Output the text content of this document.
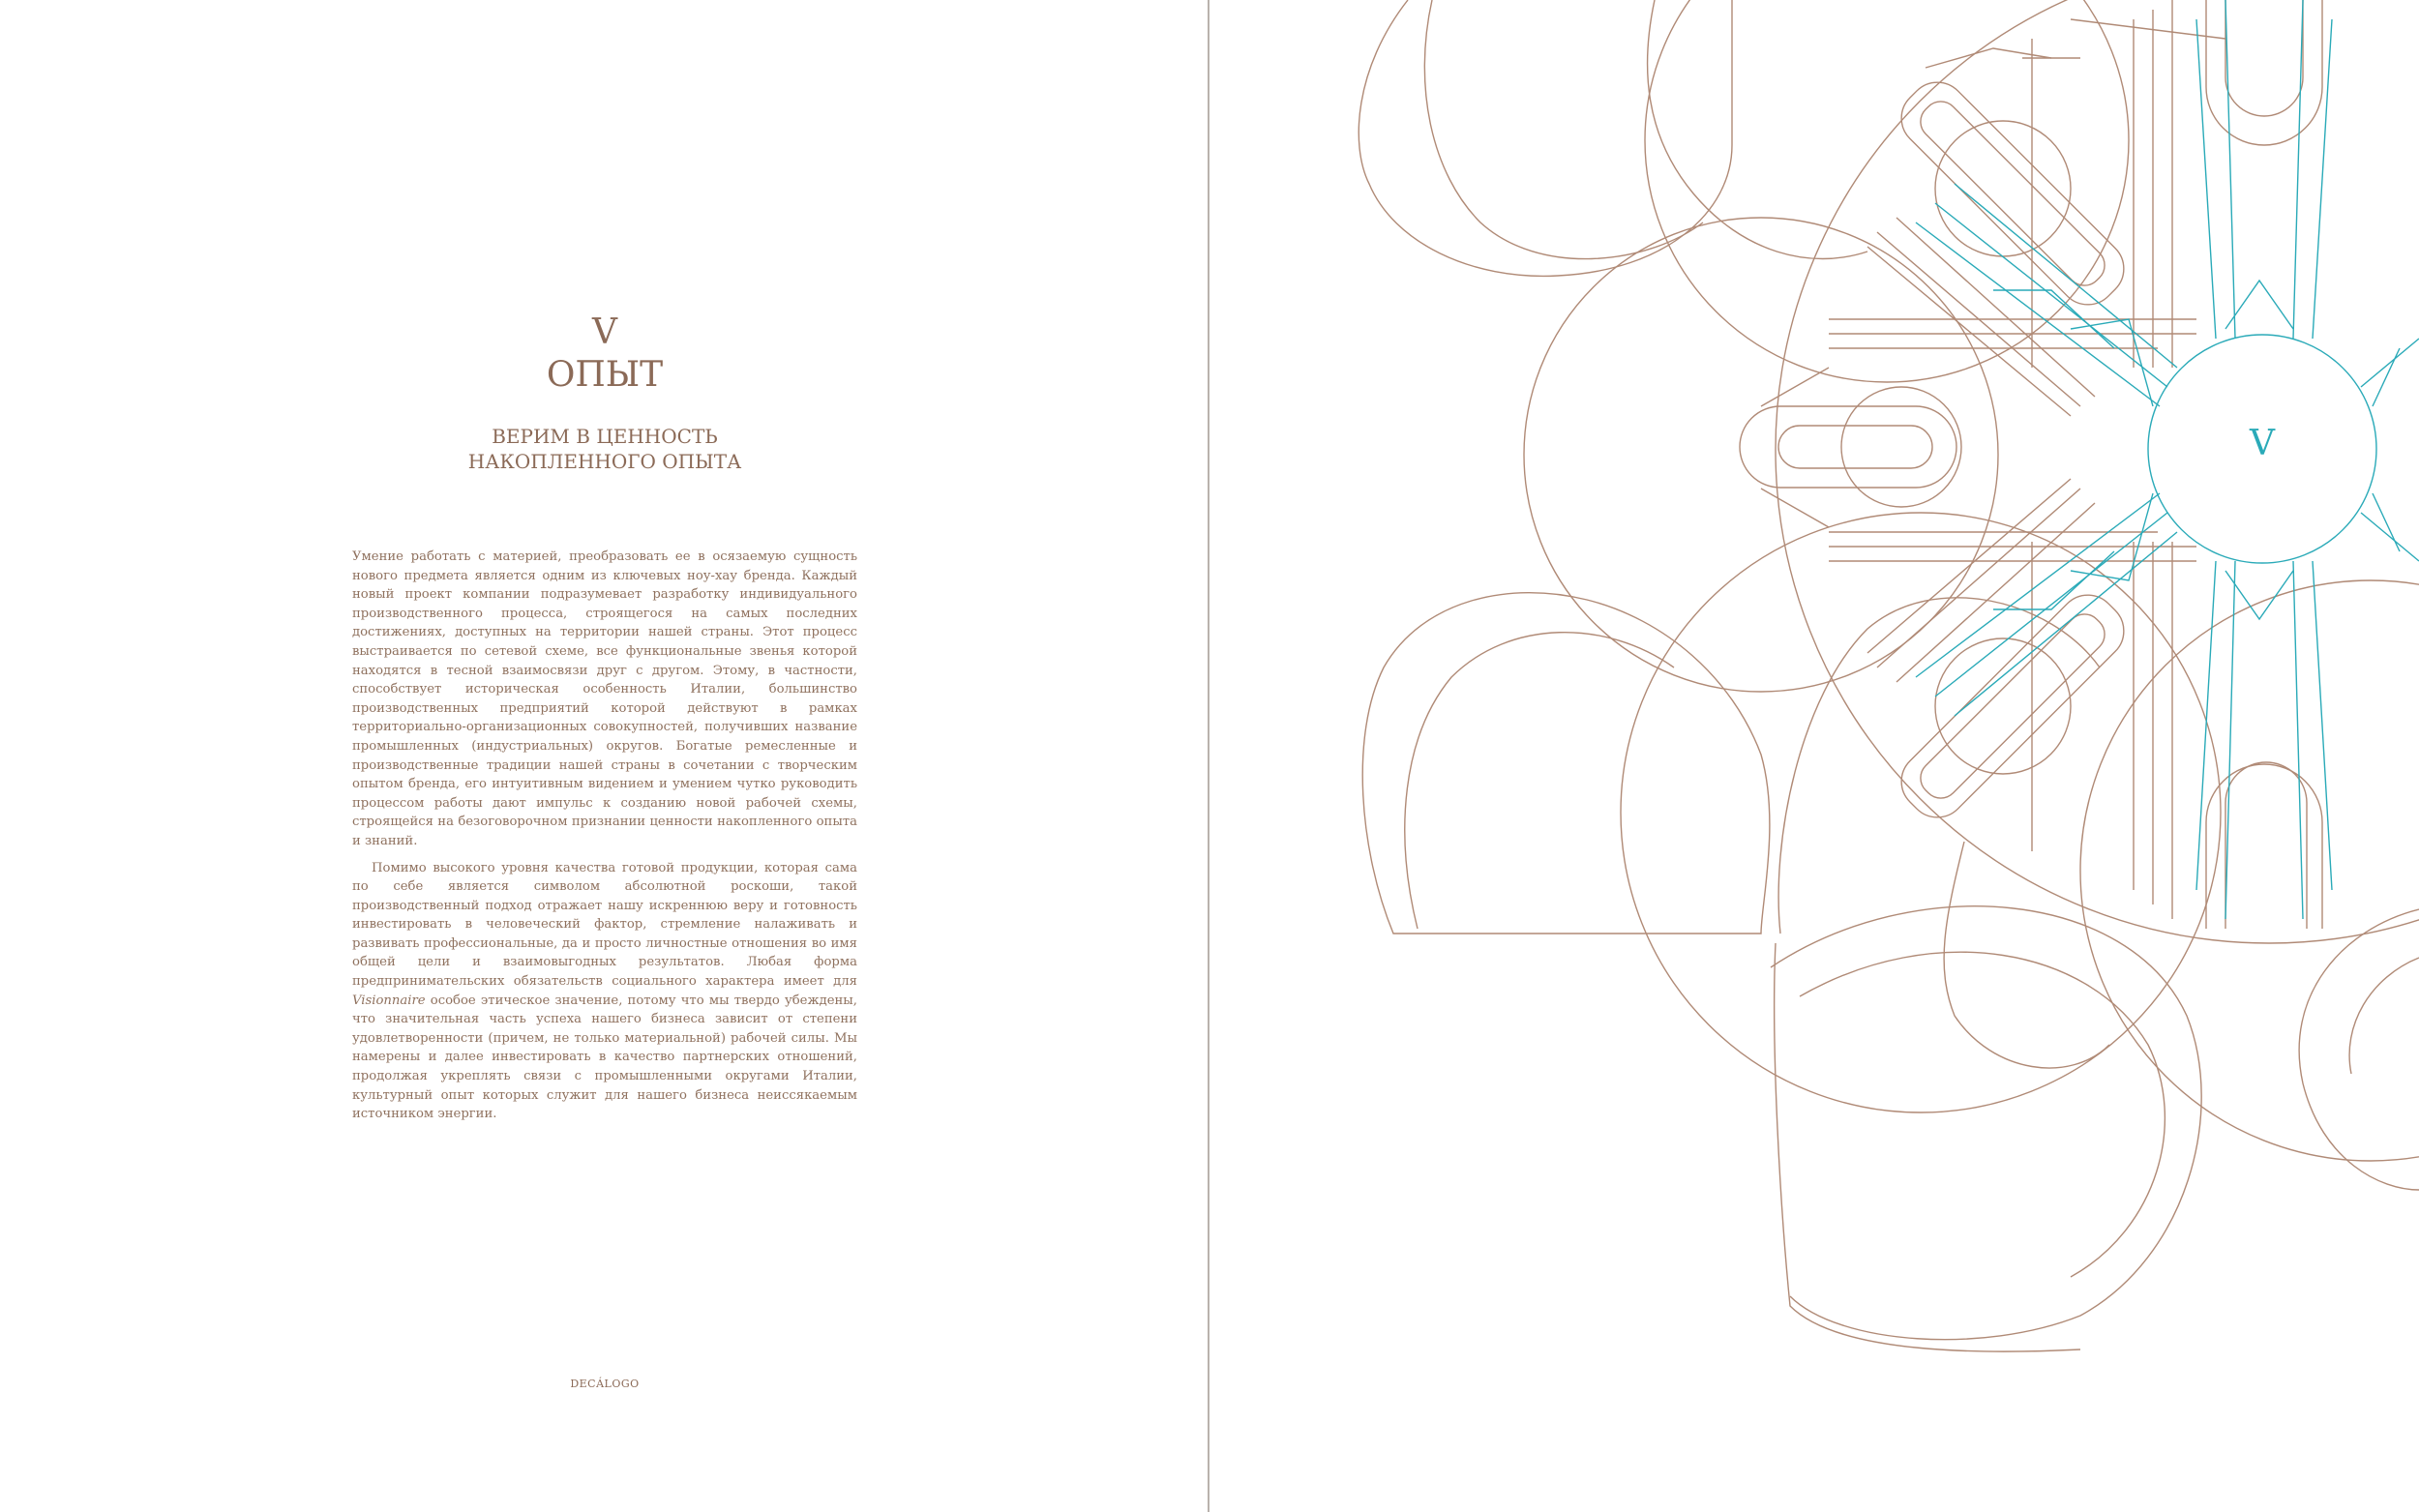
V
ОПЫТ
ВЕРИМ В ЦЕННОСТЬ
НАКОПЛЕННОГО ОПЫТА

Умение работать с материей, преобразовать ее в осязаемую сущность нового предмета является одним из ключевых ноу-хау бренда. Каждый новый проект компании подразумевает разработку индивидуального производственного процесса, строящегося на самых последних достижениях, доступных на территории нашей страны. Этот процесс выстраивается по сетевой схеме, все функциональные звенья которой находятся в тесной взаимосвязи друг с другом. Этому, в частности, способствует историческая особенность Италии, большинство производственных предприятий которой действуют в рамках территориально-организационных совокупностей, получивших название промышленных (индустриальных) округов. Богатые ремесленные и производственные традиции нашей страны в сочетании с творческим опытом бренда, его интуитивным видением и умением чутко руководить процессом работы дают импульс к созданию новой рабочей схемы, строящейся на безоговорочном признании ценности накопленного опыта и знаний.

Помимо высокого уровня качества готовой продукции, которая сама по себе является символом абсолютной роскоши, такой производственный подход отражает нашу искреннюю веру и готовность инвестировать в человеческий фактор, стремление налаживать и развивать профессиональные, да и просто личностные отношения во имя общей цели и взаимовыгодных результатов. Любая форма предпринимательских обязательств социального характера имеет для Visionnaire особое этическое значение, потому что мы твердо убеждены, что значительная часть успеха нашего бизнеса зависит от степени удовлетворенности (причем, не только материальной) рабочей силы. Мы намерены и далее инвестировать в качество партнерских отношений, продолжая укреплять связи с промышленными округами Италии, культурный опыт которых служит для нашего бизнеса неиссякаемым источником энергии.

DECÁLOGO
V
